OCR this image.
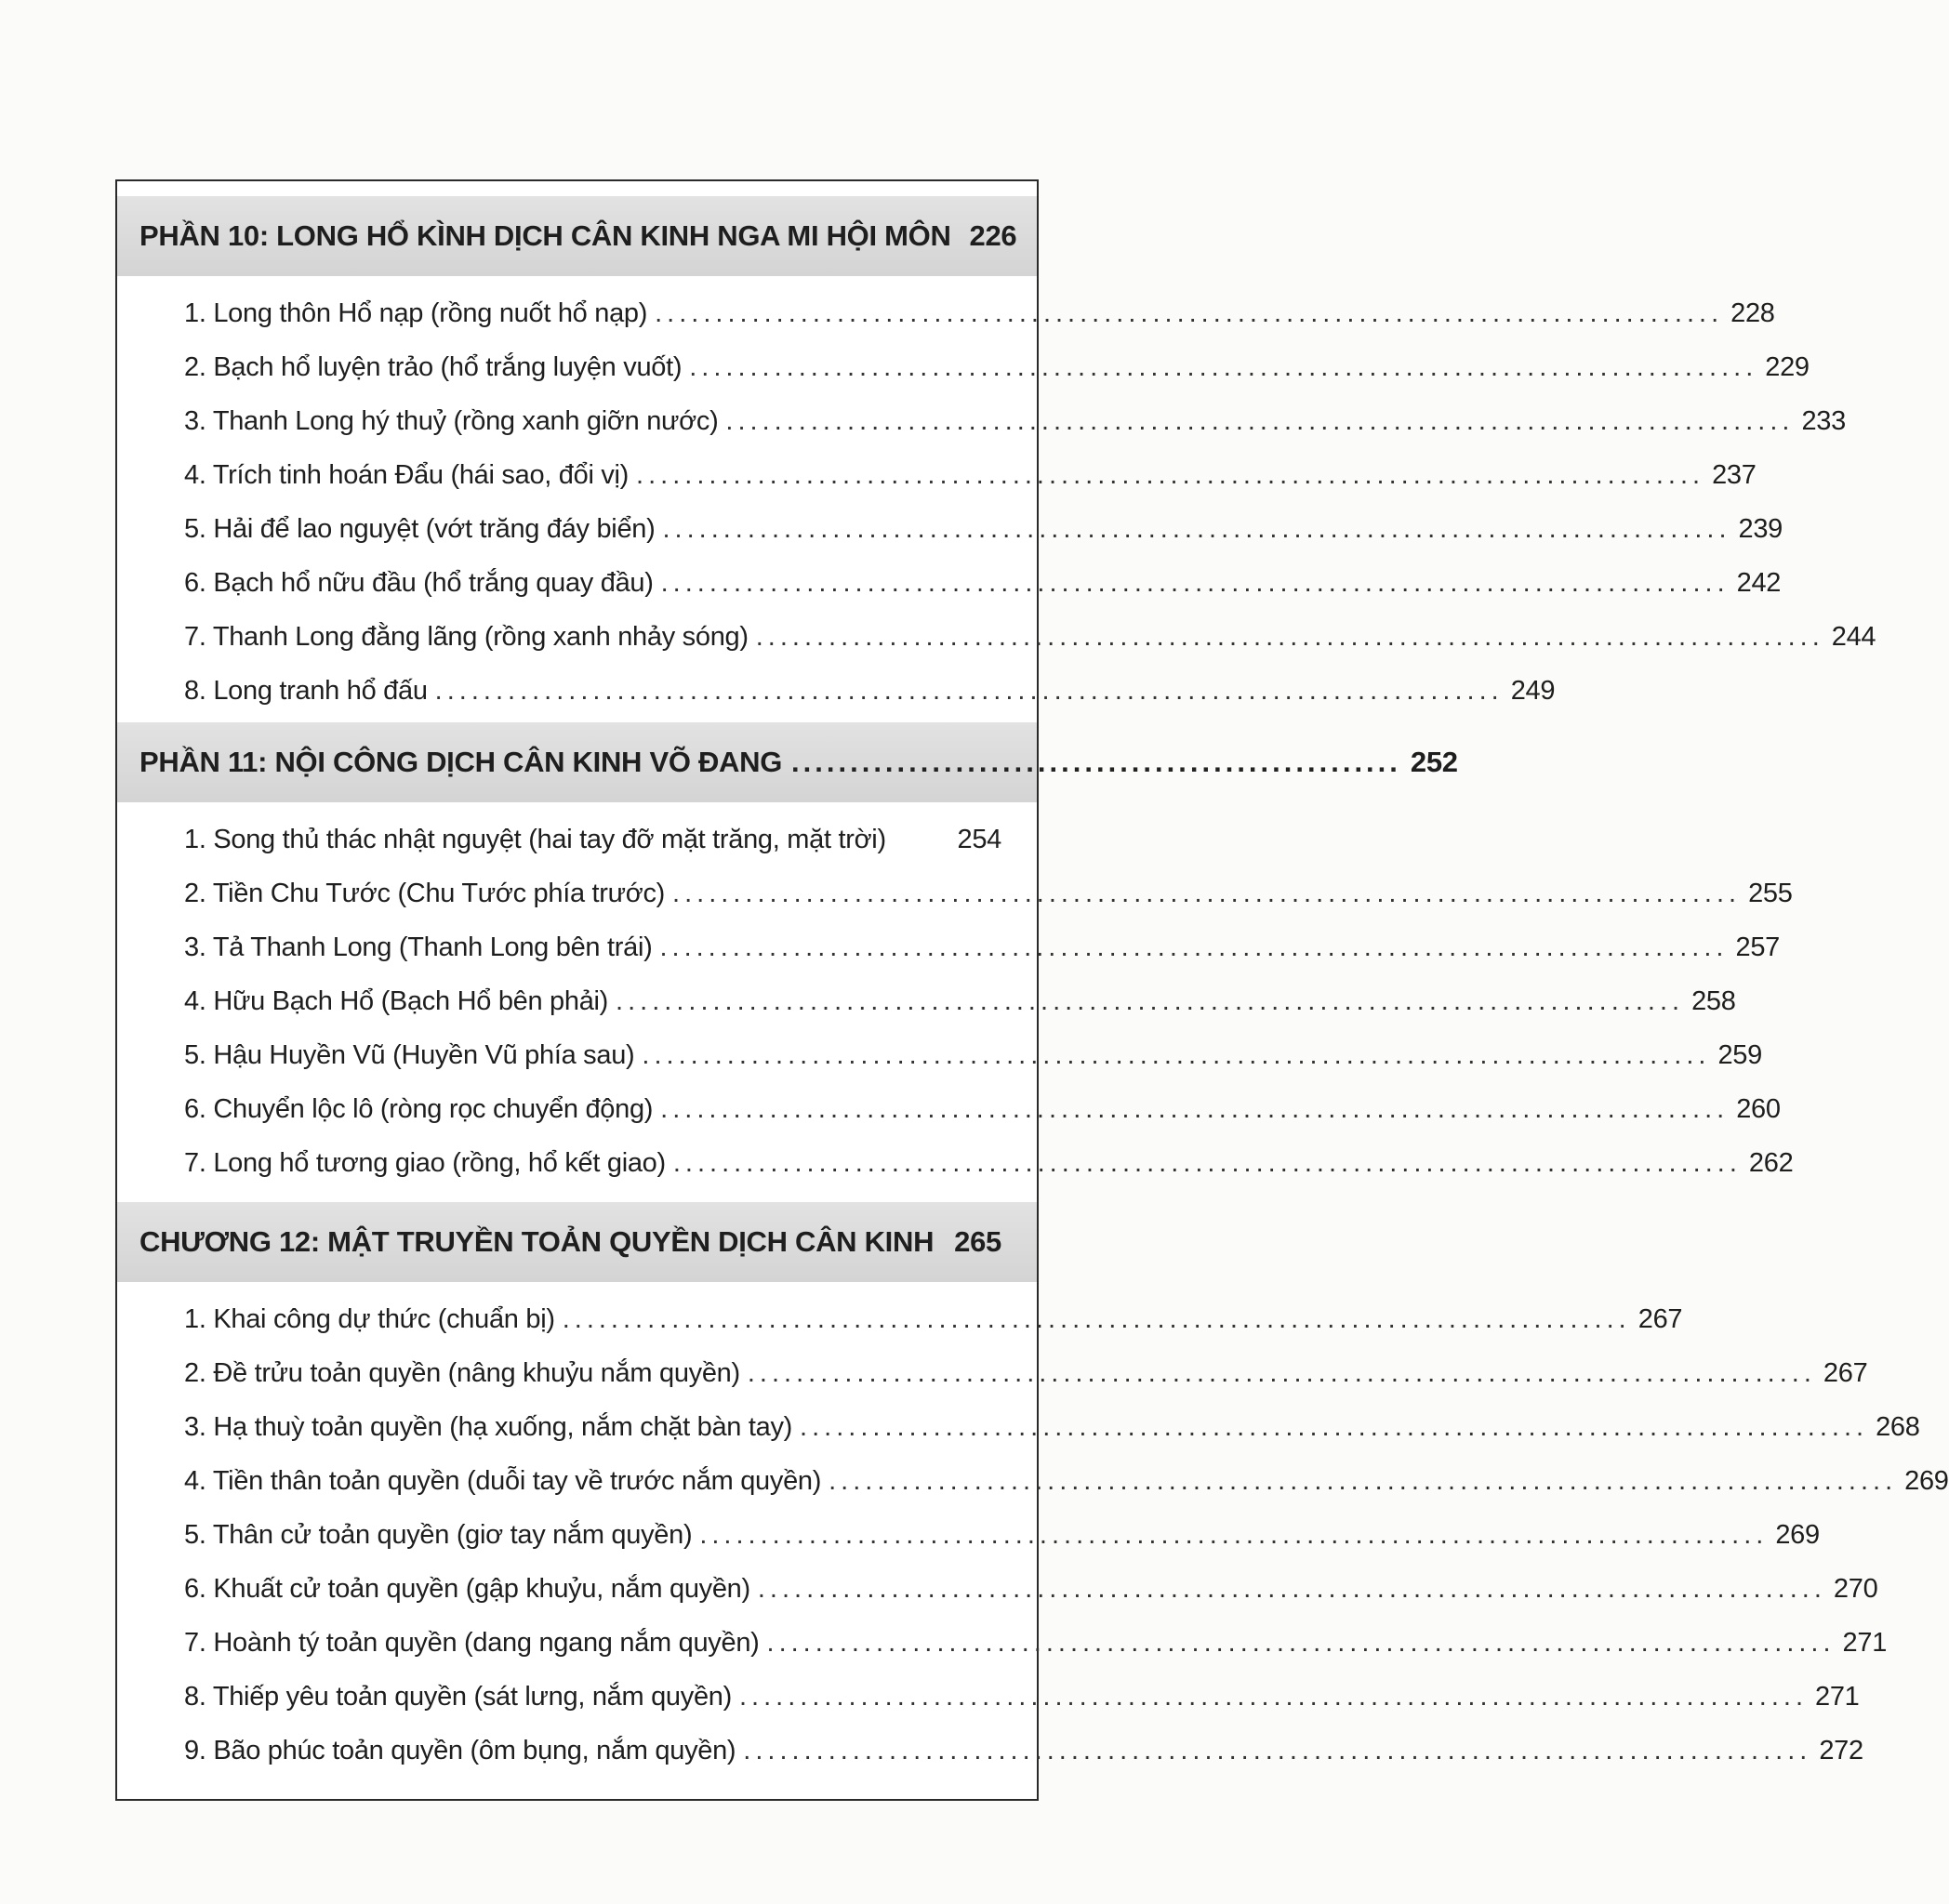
PHẦN 10: LONG HỔ KÌNH DỊCH CÂN KINH NGA MI HỘI MÔN 226
1. Long thôn Hổ nạp (rồng nuốt hổ nạp) ........................................................................................ 228
2. Bạch hổ luyện trảo (hổ trắng luyện vuốt) ........................................................................................ 229
3. Thanh Long hý thuỷ (rồng xanh giỡn nước) ........................................................................................ 233
4. Trích tinh hoán Đẩu (hái sao, đổi vị) ........................................................................................ 237
5. Hải để lao nguyệt (vớt trăng đáy biển) ........................................................................................ 239
6. Bạch hổ nữu đầu (hổ trắng quay đầu) ........................................................................................ 242
7. Thanh Long đằng lãng (rồng xanh nhảy sóng) ........................................................................................ 244
8. Long tranh hổ đấu ........................................................................................ 249
PHẦN 11: NỘI CÔNG DỊCH CÂN KINH VÕ ĐANG .................................................... 252
1. Song thủ thác nhật nguyệt (hai tay đỡ mặt trăng, mặt trời)	254
2. Tiền Chu Tước (Chu Tước phía trước) ........................................................................................ 255
3. Tả Thanh Long (Thanh Long bên trái) ........................................................................................ 257
4. Hữu Bạch Hổ (Bạch Hổ bên phải) ........................................................................................ 258
5. Hậu Huyền Vũ (Huyền Vũ phía sau) ........................................................................................ 259
6. Chuyển lộc lô (ròng rọc chuyển động) ........................................................................................ 260
7. Long hổ tương giao (rồng, hổ kết giao) ........................................................................................ 262
CHƯƠNG 12: MẬT TRUYỀN TOẢN QUYỀN DỊCH CÂN KINH 265
1. Khai công dự thức (chuẩn bị) ........................................................................................ 267
2. Đề trửu toản quyền (nâng khuỷu nắm quyền) ........................................................................................ 267
3. Hạ thuỳ toản quyền (hạ xuống, nắm chặt bàn tay) ........................................................................................ 268
4. Tiền thân toản quyền (duỗi tay về trước nắm quyền) ........................................................................................ 269
5. Thân cử toản quyền (giơ tay nắm quyền) ........................................................................................ 269
6. Khuất cử toản quyền (gập khuỷu, nắm quyền) ........................................................................................ 270
7. Hoành tý toản quyền (dang ngang nắm quyền) ........................................................................................ 271
8. Thiếp yêu toản quyền (sát lưng, nắm quyền) ........................................................................................ 271
9. Bão phúc toản quyền (ôm bụng, nắm quyền) ........................................................................................ 272
